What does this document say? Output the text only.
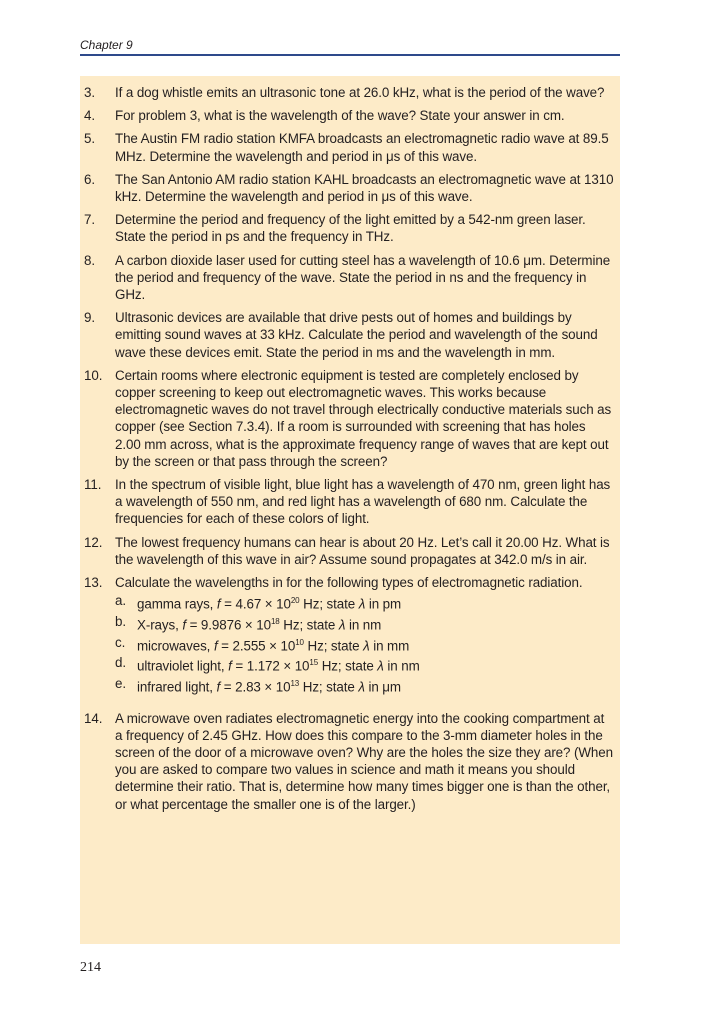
Chapter 9
3.	If a dog whistle emits an ultrasonic tone at 26.0 kHz, what is the period of the wave?
4.	For problem 3, what is the wavelength of the wave? State your answer in cm.
5.	The Austin FM radio station KMFA broadcasts an electromagnetic radio wave at 89.5 MHz. Determine the wavelength and period in μs of this wave.
6.	The San Antonio AM radio station KAHL broadcasts an electromagnetic wave at 1310 kHz. Determine the wavelength and period in μs of this wave.
7.	Determine the period and frequency of the light emitted by a 542-nm green laser. State the period in ps and the frequency in THz.
8.	A carbon dioxide laser used for cutting steel has a wavelength of 10.6 μm. Determine the period and frequency of the wave. State the period in ns and the frequency in GHz.
9.	Ultrasonic devices are available that drive pests out of homes and buildings by emitting sound waves at 33 kHz. Calculate the period and wavelength of the sound wave these devices emit. State the period in ms and the wavelength in mm.
10. Certain rooms where electronic equipment is tested are completely enclosed by copper screening to keep out electromagnetic waves. This works because electromagnetic waves do not travel through electrically conductive materials such as copper (see Section 7.3.4). If a room is surrounded with screening that has holes 2.00 mm across, what is the approximate frequency range of waves that are kept out by the screen or that pass through the screen?
11.	In the spectrum of visible light, blue light has a wavelength of 470 nm, green light has a wavelength of 550 nm, and red light has a wavelength of 680 nm. Calculate the frequencies for each of these colors of light.
12. The lowest frequency humans can hear is about 20 Hz. Let’s call it 20.00 Hz. What is the wavelength of this wave in air? Assume sound propagates at 342.0 m/s in air.
13. Calculate the wavelengths in for the following types of electromagnetic radiation.
a. gamma rays, $f = 4.67 \times 10^{20}$ Hz; state λ in pm
b. X-rays, $f = 9.9876 \times 10^{18}$ Hz; state λ in nm
c. microwaves, $f = 2.555 \times 10^{10}$ Hz; state λ in mm
d. ultraviolet light, $f = 1.172 \times 10^{15}$ Hz; state λ in nm
e. infrared light, $f = 2.83 \times 10^{13}$ Hz; state λ in μm
14. A microwave oven radiates electromagnetic energy into the cooking compartment at a frequency of 2.45 GHz. How does this compare to the 3-mm diameter holes in the screen of the door of a microwave oven? Why are the holes the size they are? (When you are asked to compare two values in science and math it means you should determine their ratio. That is, determine how many times bigger one is than the other, or what percentage the smaller one is of the larger.)
214
